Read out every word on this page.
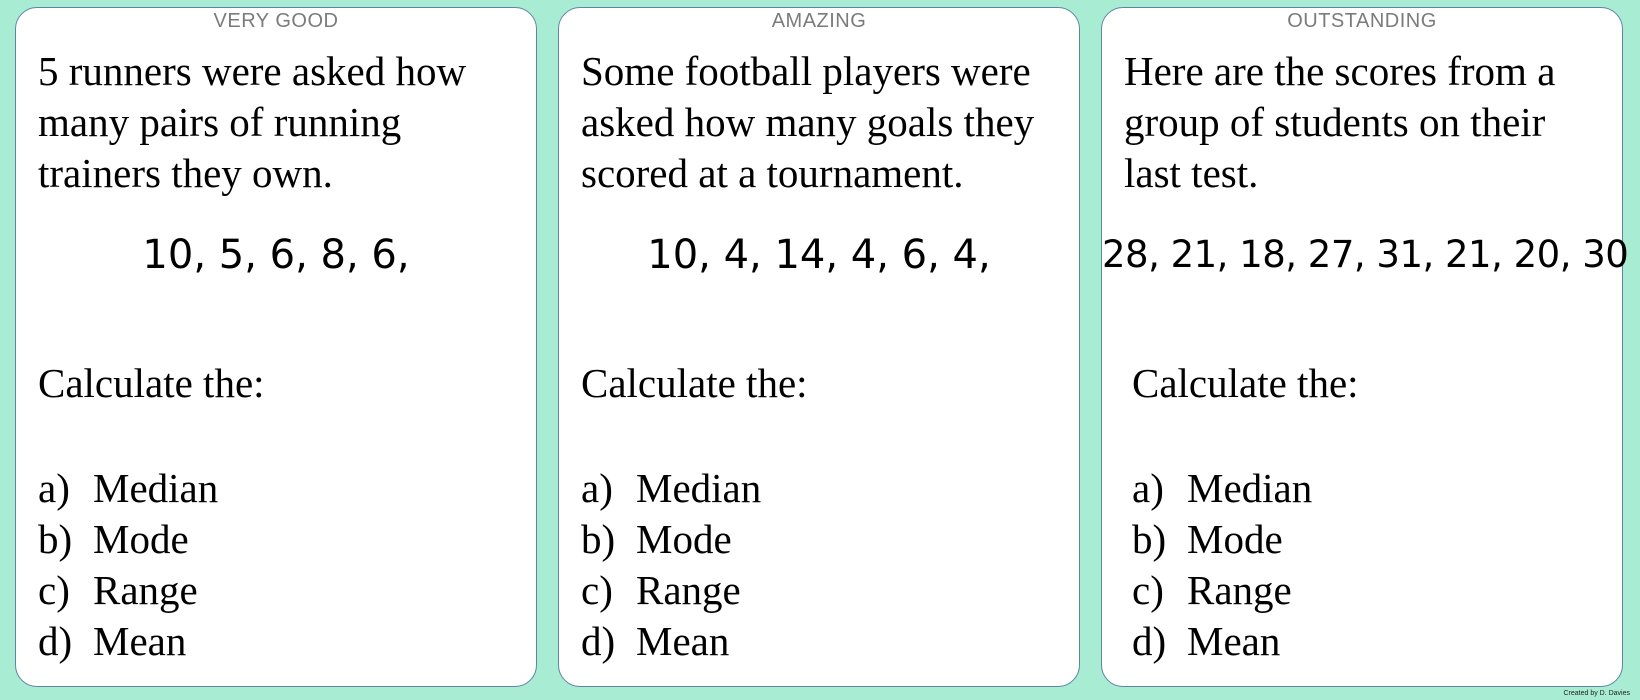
VERY GOOD

5 runners were asked how many pairs of running trainers they own.

10, 5, 6, 8, 6,
Calculate the:
a) Median
b) Mode
c) Range
d) Mean
AMAZING

Some football players were asked how many goals they scored at a tournament.

10, 4, 14, 4, 6, 4,
Calculate the:
a) Median
b) Mode
c) Range
d) Mean
OUTSTANDING

Here are the scores from a group of students on their last test.

28, 21, 18, 27, 31, 21, 20, 30
Calculate the:
a) Median
b) Mode
c) Range
d) Mean
Created by D. Davies
